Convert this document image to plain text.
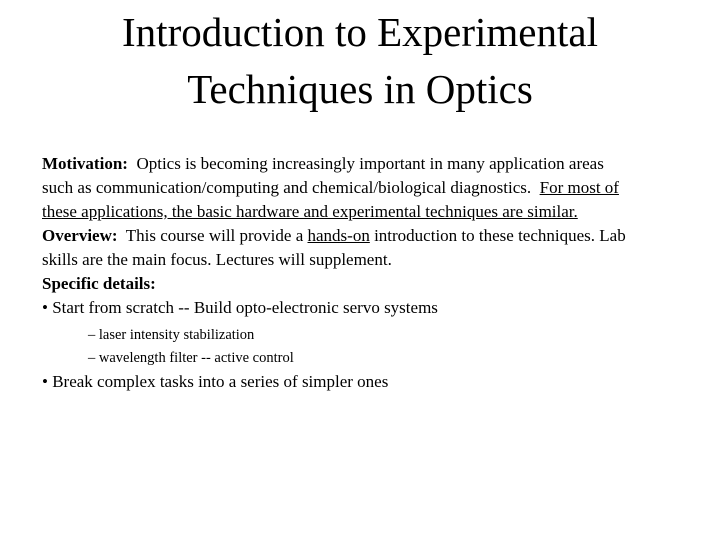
Introduction to Experimental
Techniques in Optics
Motivation: Optics is becoming increasingly important in many application areas
such as communication/computing and chemical/biological diagnostics. For most of
these applications, the basic hardware and experimental techniques are similar.
Overview: This course will provide a hands-on introduction to these techniques. Lab
skills are the main focus. Lectures will supplement.
Specific details:
• Start from scratch -- Build opto-electronic servo systems
– laser intensity stabilization
– wavelength filter -- active control
• Break complex tasks into a series of simpler ones
